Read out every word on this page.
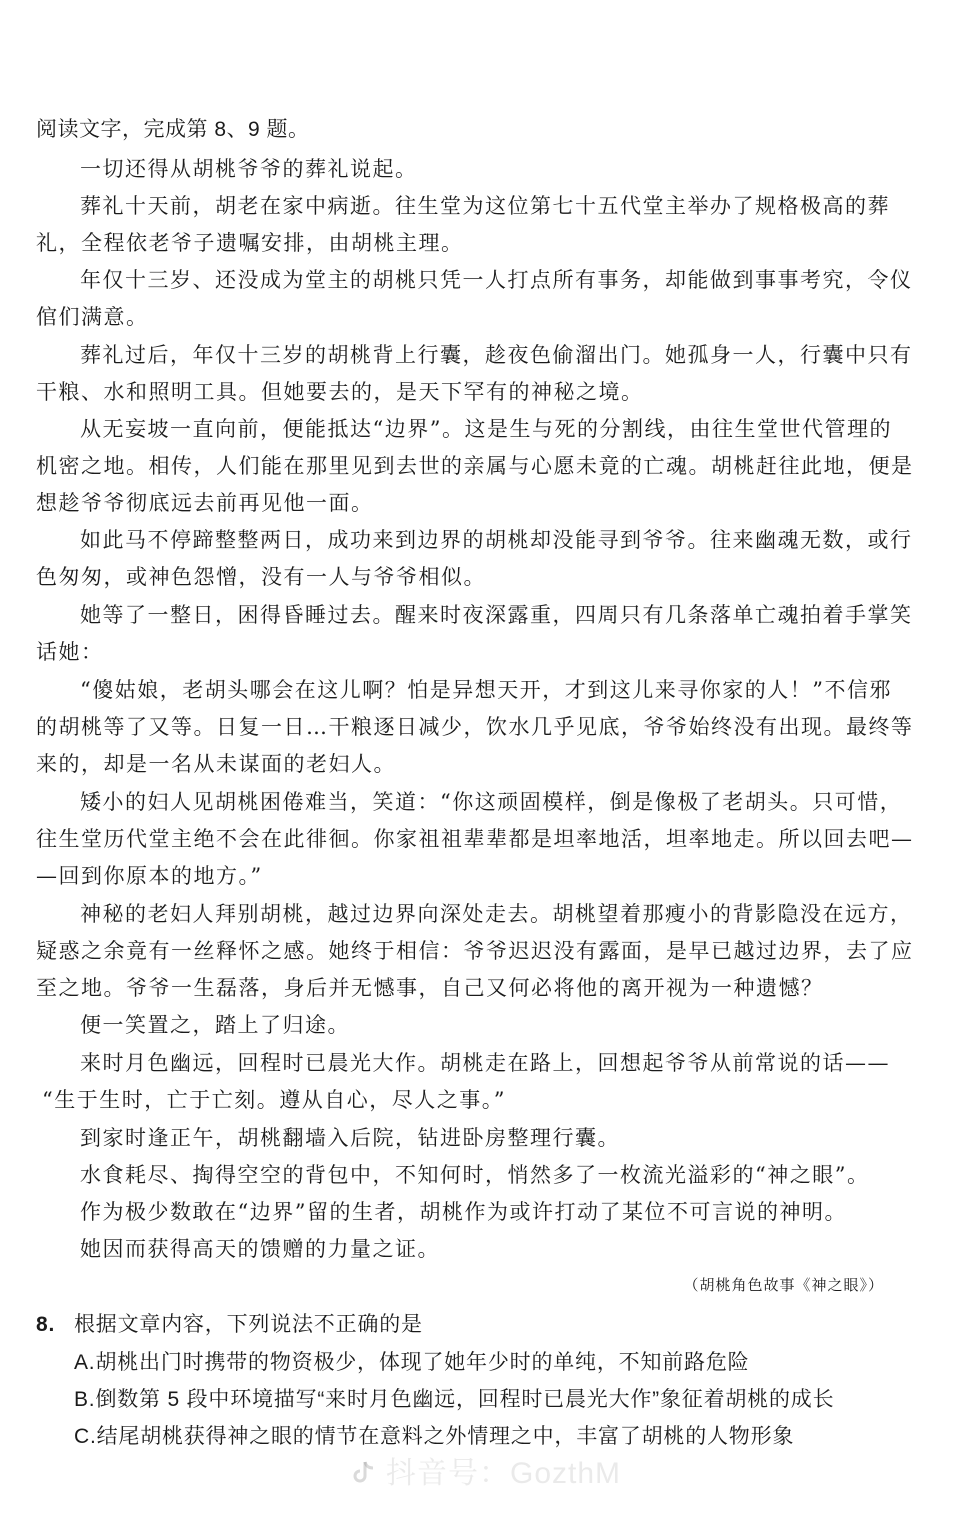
阅读文字，完成第 8、9 题。
一切还得从胡桃爷爷的葬礼说起。
葬礼十天前，胡老在家中病逝。往生堂为这位第七十五代堂主举办了规格极高的葬
礼，全程依老爷子遗嘱安排，由胡桃主理。
年仅十三岁、还没成为堂主的胡桃只凭一人打点所有事务，却能做到事事考究，令仪
倌们满意。
葬礼过后，年仅十三岁的胡桃背上行囊，趁夜色偷溜出门。她孤身一人，行囊中只有
干粮、水和照明工具。但她要去的，是天下罕有的神秘之境。
从无妄坡一直向前，便能抵达“边界”。这是生与死的分割线，由往生堂世代管理的
机密之地。相传，人们能在那里见到去世的亲属与心愿未竟的亡魂。胡桃赶往此地，便是
想趁爷爷彻底远去前再见他一面。
如此马不停蹄整整两日，成功来到边界的胡桃却没能寻到爷爷。往来幽魂无数，或行
色匆匆，或神色怨憎，没有一人与爷爷相似。
她等了一整日，困得昏睡过去。醒来时夜深露重，四周只有几条落单亡魂拍着手掌笑
话她：
“傻姑娘，老胡头哪会在这儿啊？怕是异想天开，才到这儿来寻你家的人！”不信邪
的胡桃等了又等。日复一日…干粮逐日减少，饮水几乎见底，爷爷始终没有出现。最终等
来的，却是一名从未谋面的老妇人。
矮小的妇人见胡桃困倦难当，笑道：“你这顽固模样，倒是像极了老胡头。只可惜，
往生堂历代堂主绝不会在此徘徊。你家祖祖辈辈都是坦率地活，坦率地走。所以回去吧—
—回到你原本的地方。”
神秘的老妇人拜别胡桃，越过边界向深处走去。胡桃望着那瘦小的背影隐没在远方，
疑惑之余竟有一丝释怀之感。她终于相信：爷爷迟迟没有露面，是早已越过边界，去了应
至之地。爷爷一生磊落，身后并无憾事，自己又何必将他的离开视为一种遗憾？
便一笑置之，踏上了归途。
来时月色幽远，回程时已晨光大作。胡桃走在路上，回想起爷爷从前常说的话——
“生于生时，亡于亡刻。遵从自心，尽人之事。”
到家时逢正午，胡桃翻墙入后院，钻进卧房整理行囊。
水食耗尽、掏得空空的背包中，不知何时，悄然多了一枚流光溢彩的“神之眼”。
作为极少数敢在“边界”留的生者，胡桃作为或许打动了某位不可言说的神明。
她因而获得高天的馈赠的力量之证。
（胡桃角色故事《神之眼》）
8. 根据文章内容，下列说法不正确的是
A.胡桃出门时携带的物资极少，体现了她年少时的单纯，不知前路危险
B.倒数第 5 段中环境描写“来时月色幽远，回程时已晨光大作”象征着胡桃的成长
C.结尾胡桃获得神之眼的情节在意料之外情理之中，丰富了胡桃的人物形象
抖音号：GozthM
